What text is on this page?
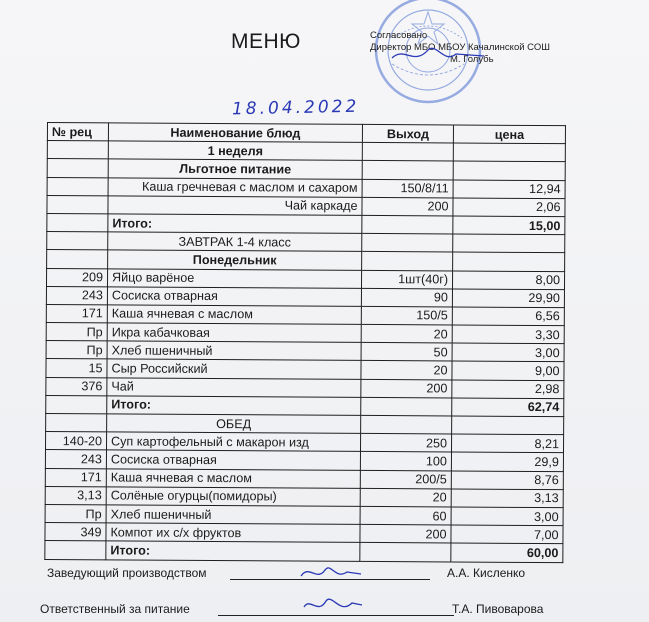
МЕНЮ	Согласовано
Директор МБО МБОУ Качалинской СОШ
М. Голубь
18.04.2022
№ рец	Наименование блюд	Выход	цена
	1 неделя		
	Льготное питание		
	Каша гречневая с маслом и сахаром	150/8/11	12,94
	Чай каркаде	200	2,06
	Итого:		15,00
	ЗАВТРАК 1-4 класс		
	Понедельник		
209	Яйцо варёное	1шт(40г)	8,00
243	Сосиска отварная	90	29,90
171	Каша ячневая с маслом	150/5	6,56
Пр	Икра кабачковая	20	3,30
Пр	Хлеб пшеничный	50	3,00
15	Сыр Российский	20	9,00
376	Чай	200	2,98
	Итого:		62,74
	ОБЕД		
140-20	Суп картофельный с макарон изд	250	8,21
243	Сосиска отварная	100	29,9
171	Каша ячневая с маслом	200/5	8,76
3,13	Солёные огурцы(помидоры)	20	3,13
Пр	Хлеб пшеничный	60	3,00
349	Компот их с/х фруктов	200	7,00
	Итого:		60,00
Заведующий производством	А.А. Кисленко
Ответственный за питание	Т.А. Пивоварова
